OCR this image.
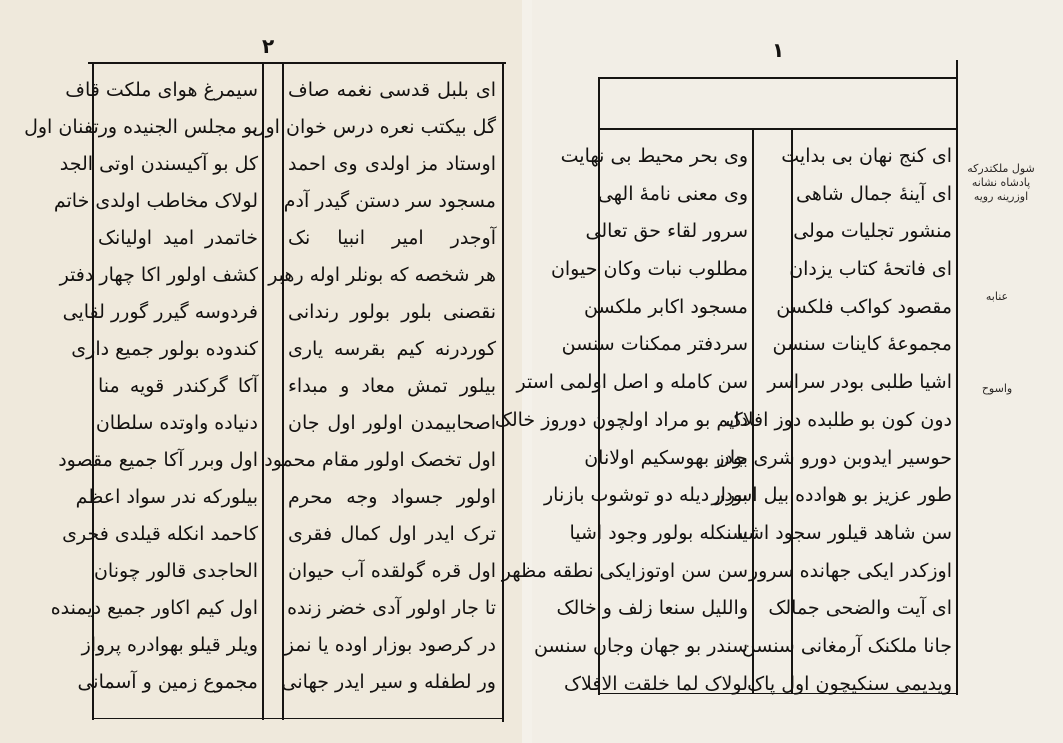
٢
ای بلبل قدسی نغمه صاف
گل بیکتب نعره درس خوان اول
اوستاد مز اولدی وی احمد
مسجود سر دستن گیدر آدم
آوجدر امیر انبیا نک
هر شخصه که بونلر اوله رهبر
نقصنی بلور بولور رندانی
کوردرنه کیم بقرسه یاری
بیلور تمش معاد و مبداء
اصحابیمدن اولور اول جان
اول تخصک اولور مقام محمود
اولور جسواد وجه محرم
ترک ایدر اول کمال فقری
اول قره گولقده آب حیوان
تا جار اولور آدی خضر زنده
در کرصود بوزار اوده یا نمز
ور لطفله و سیر ایدر جهانی
سیمرغ هوای ملکت قاف
بو مجلس الجنیده ورتفنان اول
کل بو آکیسندن اوتی الجد
لولاک مخاطب اولدی خاتم
خاتمدر امید اولیانک
کشف اولور اکا چهار دفتر
فردوسه گیرر گورر لقایی
کندوده بولور جمیع داری
آکا گرکندر قویه منا
دنیاده واوتده سلطان
اول وبرر آکا جمیع مقصود
بیلورکه ندر سواد اعظم
کاحمد انکله قیلدی فخری
الحاجدی قالور چونان
اول کیم اکاور جمیع دیمنده
ویلر قیلو بهوادره پرواز
مجموع زمین و آسمانی
١
ای کنج نهان بی بدایت
ای آینهٔ جمال شاهی
منشور تجلیات مولی
ای فاتحهٔ کتاب یزدان
مقصود کواکب فلکسن
مجموعهٔ کاینات سنسن
اشیا طلبی بودر سراسر
دون کون بو طلبده دوز افلاک
حوسیر ایدوبن دورو شری جان
طور عزیز بو هوادده بیل اسرار
سن شاهد قیلور سجود اشیا
اوزکدر ایکی جهانده سرور
ای آیت والضحی جمالک
جانا ملکنک آرمغانی سنسن
ویدیمی سنکیچون اول پاک
وی بحر محیط بی نهایت
وی معنی نامهٔ الهی
سرور لقاء حق تعالی
مطلوب نبات وکان حیوان
مسجود اکابر ملکسن
سردفتر ممکنات سنسن
سن کامله و اصل اولمی استر
دایم بو مراد اولچون دوروز خالک
بودر بهوسکیم اولانان
بودر دیله دو توشوب بازنار
سنکله بولور وجود اشیا
سن سن اوتوزایکی نطقه مظهر
واللیل سنعا زلف و خالک
سندر بو جهان وجان سنسن
لولاک لما خلقت الافلاک
شول ملکتدرکه پادشاه نشانه اوزرینه رویه
عنابه
واسوح
